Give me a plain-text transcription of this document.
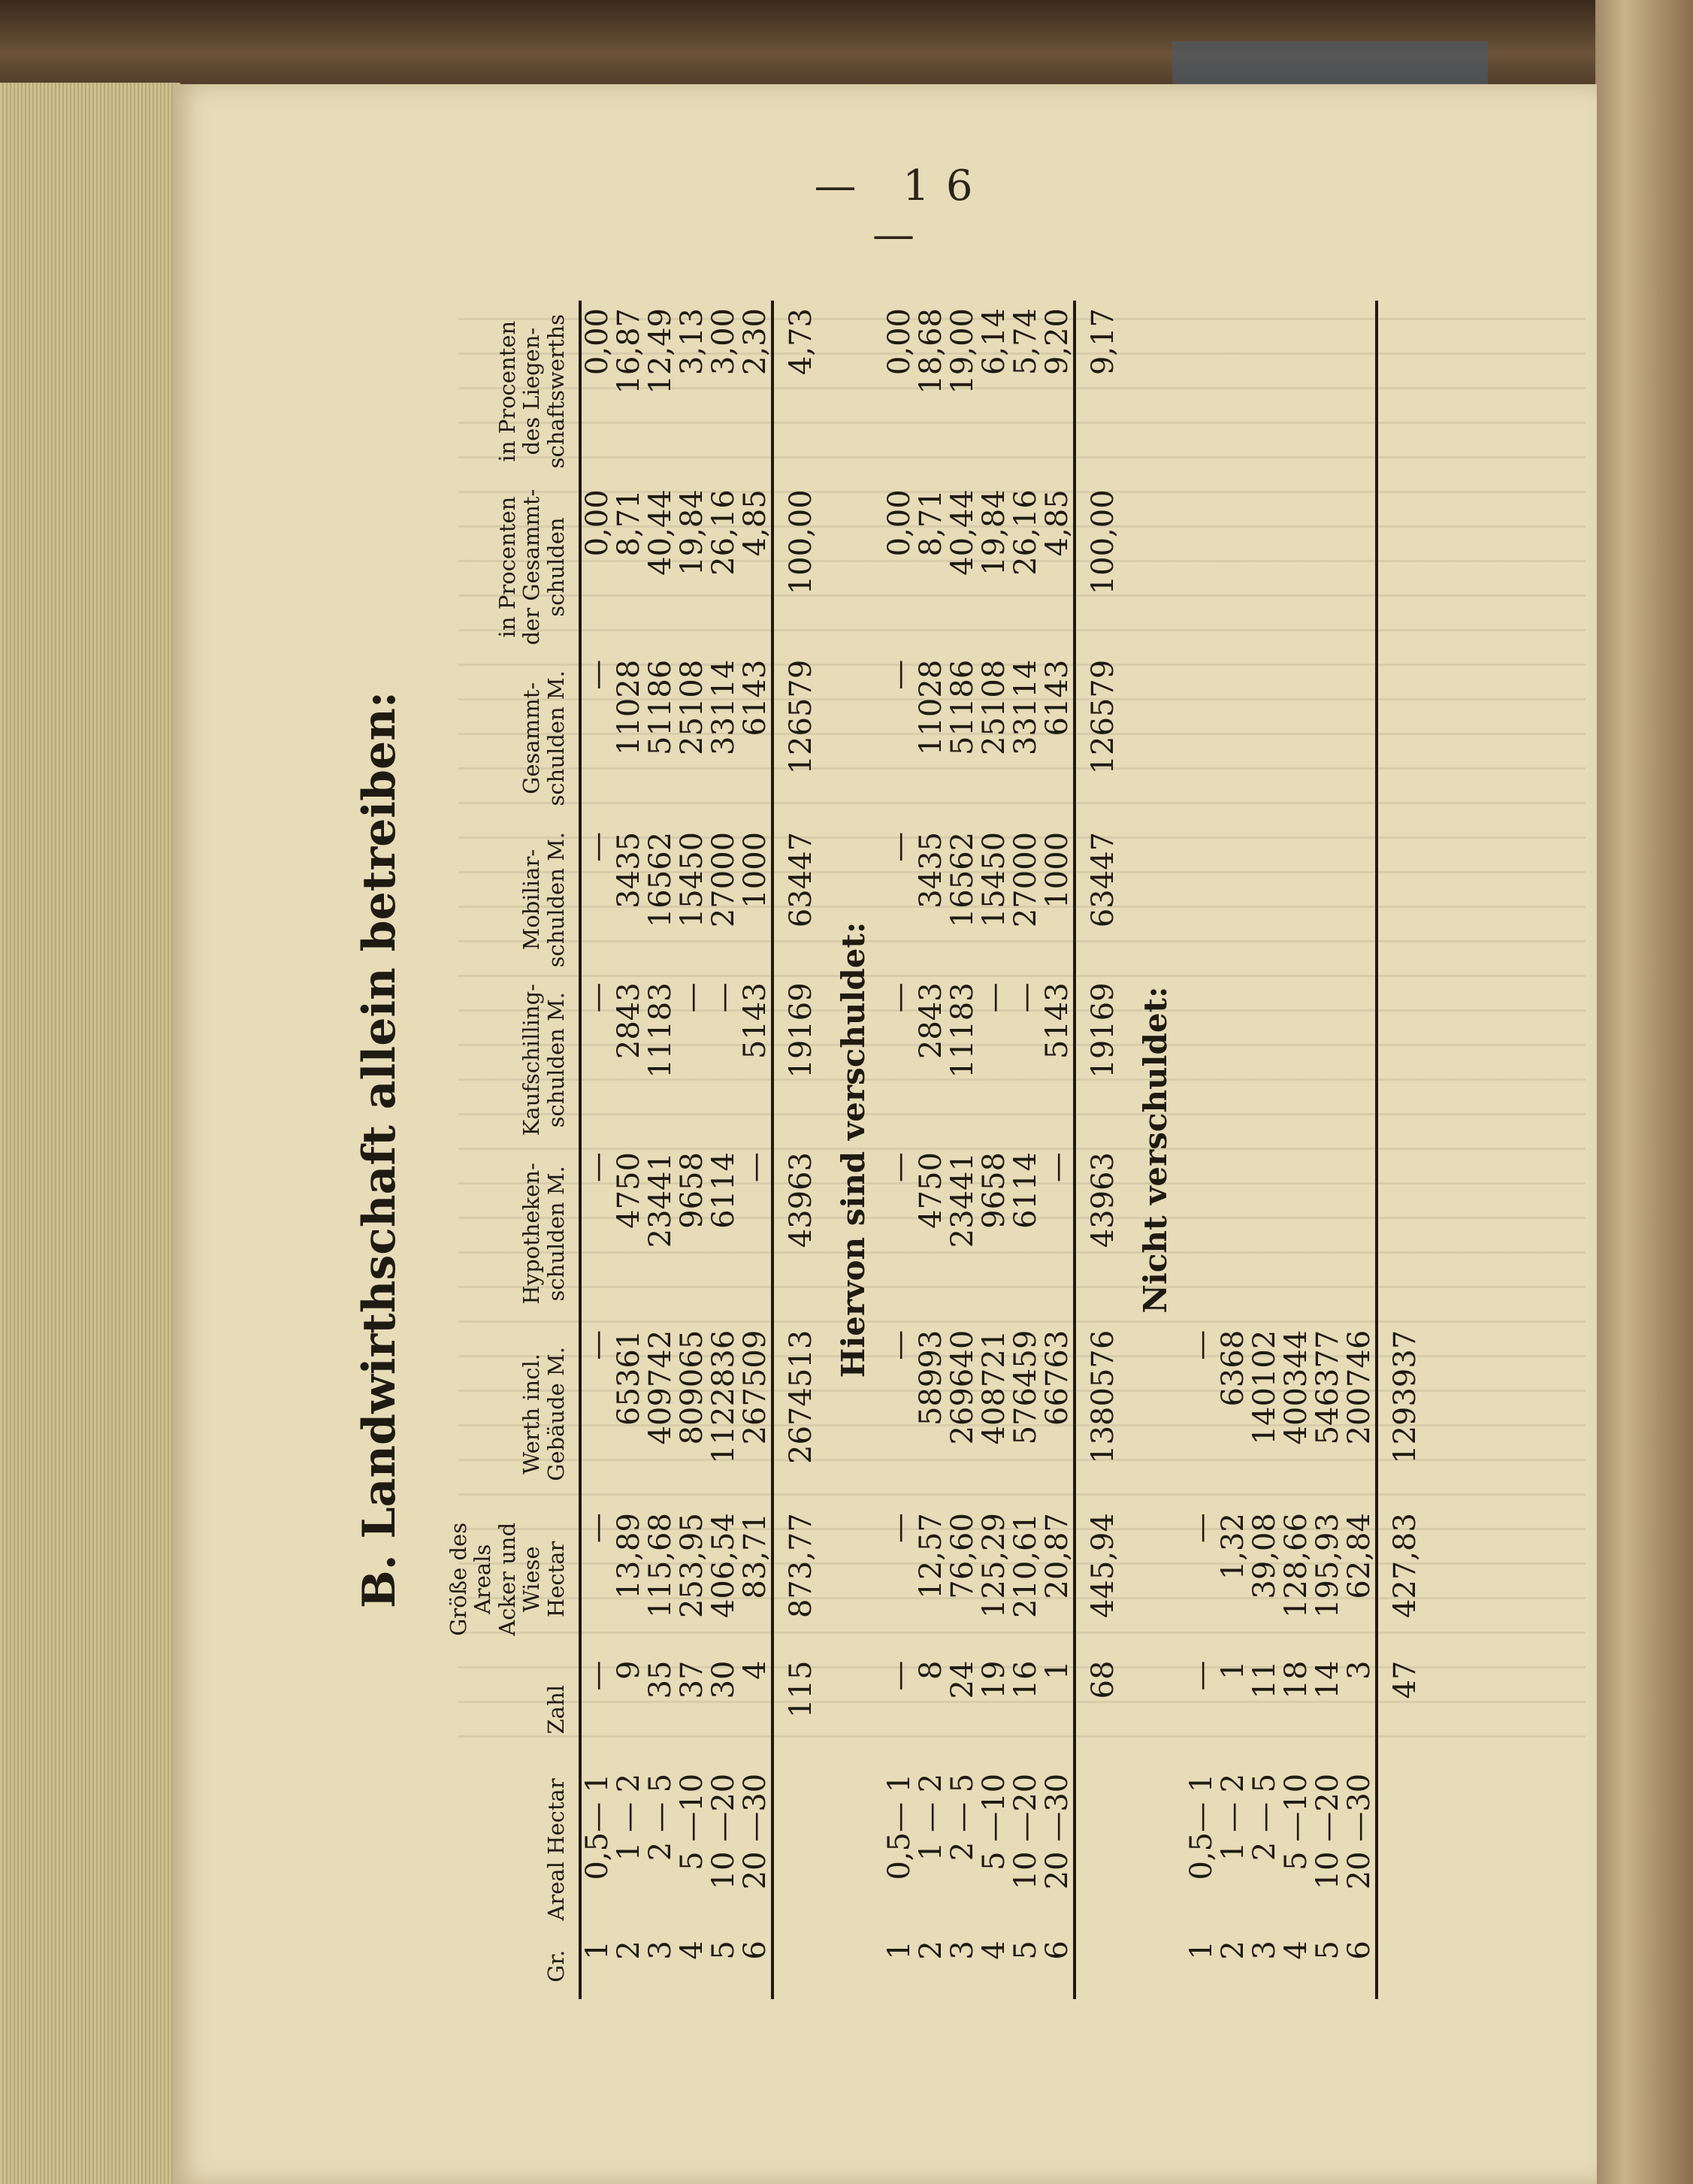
— 16 —
B. Landwirthschaft allein betreiben:
Gr.	Areal Hectar	Zahl	Größe des Areals Acker und Wiese Hectar	Werth incl. Gebäude M.	Hypotheken-schulden M.	Kaufschilling-schulden M.	Mobiliar-schulden M.	Gesammt-schulden M.	in Procenten der Gesammt-schulden	in Procenten des Liegen-schaftswerths

1	0,5— 1	—	—	—	—	—	—	—	0,00	0,00
2	1 — 2	9	13,89	65361	4750	2843	3435	11028	8,71	16,87
3	2 — 5	35	115,68	409742	23441	11183	16562	51186	40,44	12,49
4	5 —10	37	253,95	809065	9658	—	15450	25108	19,84	3,13
5	10 —20	30	406,54	1122836	6114	—	27000	33114	26,16	3,00
6	20 —30	4	83,71	267509	—	5143	1000	6143	4,85	2,30

		115	873,77	2674513	43963	19169	63447	126579	100,00	4,73
Hiervon sind verschuldet:										
1	0,5— 1	—	—	—	—	—	—	—	0,00	0,00
2	1 — 2	8	12,57	58993	4750	2843	3435	11028	8,71	18,68
3	2 — 5	24	76,60	269640	23441	11183	16562	51186	40,44	19,00
4	5 —10	19	125,29	408721	9658	—	15450	25108	19,84	6,14
5	10 —20	16	210,61	576459	6114	—	27000	33114	26,16	5,74
6	20 —30	1	20,87	66763	—	5143	1000	6143	4,85	9,20

		68	445,94	1380576	43963	19169	63447	126579	100,00	9,17
Nicht verschuldet:										
1	0,5— 1	—	—	—						
2	1 — 2	1	1,32	6368						
3	2 — 5	11	39,08	140102						
4	5 —10	18	128,66	400344						
5	10 —20	14	195,93	546377						
6	20 —30	3	62,84	200746						

		47	427,83	1293937						
